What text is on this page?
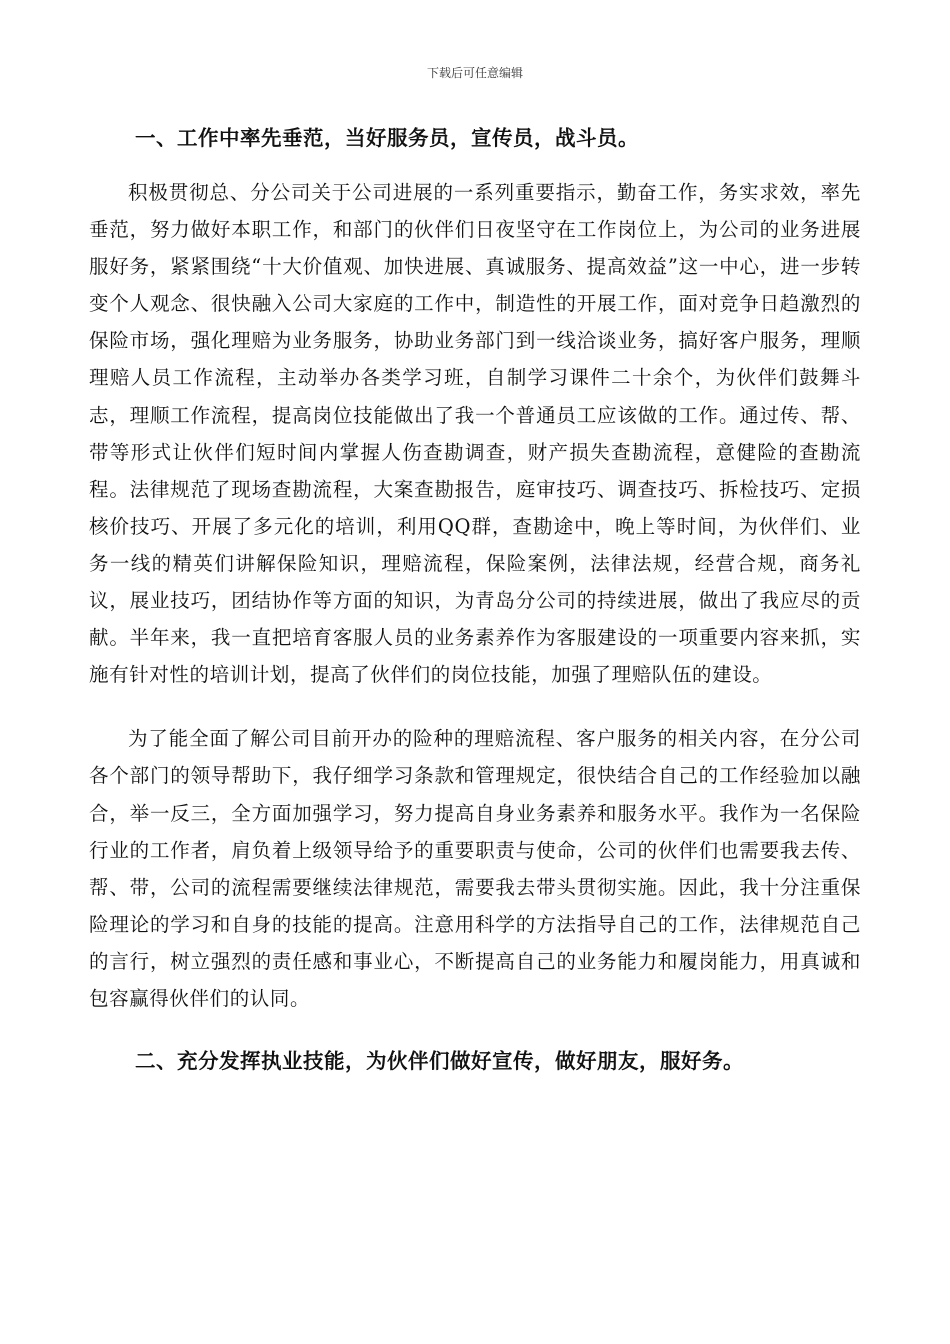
下载后可任意编辑

一、工作中率先垂范，当好服务员，宣传员，战斗员。

积极贯彻总、分公司关于公司进展的一系列重要指示，勤奋工作，务实求效，率先垂范，努力做好本职工作，和部门的伙伴们日夜坚守在工作岗位上，为公司的业务进展服好务，紧紧围绕“十大价值观、加快进展、真诚服务、提高效益”这一中心，进一步转变个人观念、很快融入公司大家庭的工作中，制造性的开展工作，面对竞争日趋激烈的保险市场，强化理赔为业务服务，协助业务部门到一线洽谈业务，搞好客户服务，理顺理赔人员工作流程，主动举办各类学习班，自制学习课件二十余个，为伙伴们鼓舞斗志，理顺工作流程，提高岗位技能做出了我一个普通员工应该做的工作。通过传、帮、带等形式让伙伴们短时间内掌握人伤查勘调查，财产损失查勘流程，意健险的查勘流程。法律规范了现场查勘流程，大案查勘报告，庭审技巧、调查技巧、拆检技巧、定损核价技巧、开展了多元化的培训，利用QQ群，查勘途中，晚上等时间，为伙伴们、业务一线的精英们讲解保险知识，理赔流程，保险案例，法律法规，经营合规，商务礼议，展业技巧，团结协作等方面的知识，为青岛分公司的持续进展，做出了我应尽的贡献。半年来，我一直把培育客服人员的业务素养作为客服建设的一项重要内容来抓，实施有针对性的培训计划，提高了伙伴们的岗位技能，加强了理赔队伍的建设。

为了能全面了解公司目前开办的险种的理赔流程、客户服务的相关内容，在分公司各个部门的领导帮助下，我仔细学习条款和管理规定，很快结合自己的工作经验加以融合，举一反三，全方面加强学习，努力提高自身业务素养和服务水平。我作为一名保险行业的工作者，肩负着上级领导给予的重要职责与使命，公司的伙伴们也需要我去传、帮、带，公司的流程需要继续法律规范，需要我去带头贯彻实施。因此，我十分注重保险理论的学习和自身的技能的提高。注意用科学的方法指导自己的工作，法律规范自己的言行，树立强烈的责任感和事业心，不断提高自己的业务能力和履岗能力，用真诚和包容赢得伙伴们的认同。

二、充分发挥执业技能，为伙伴们做好宣传，做好朋友，服好务。
